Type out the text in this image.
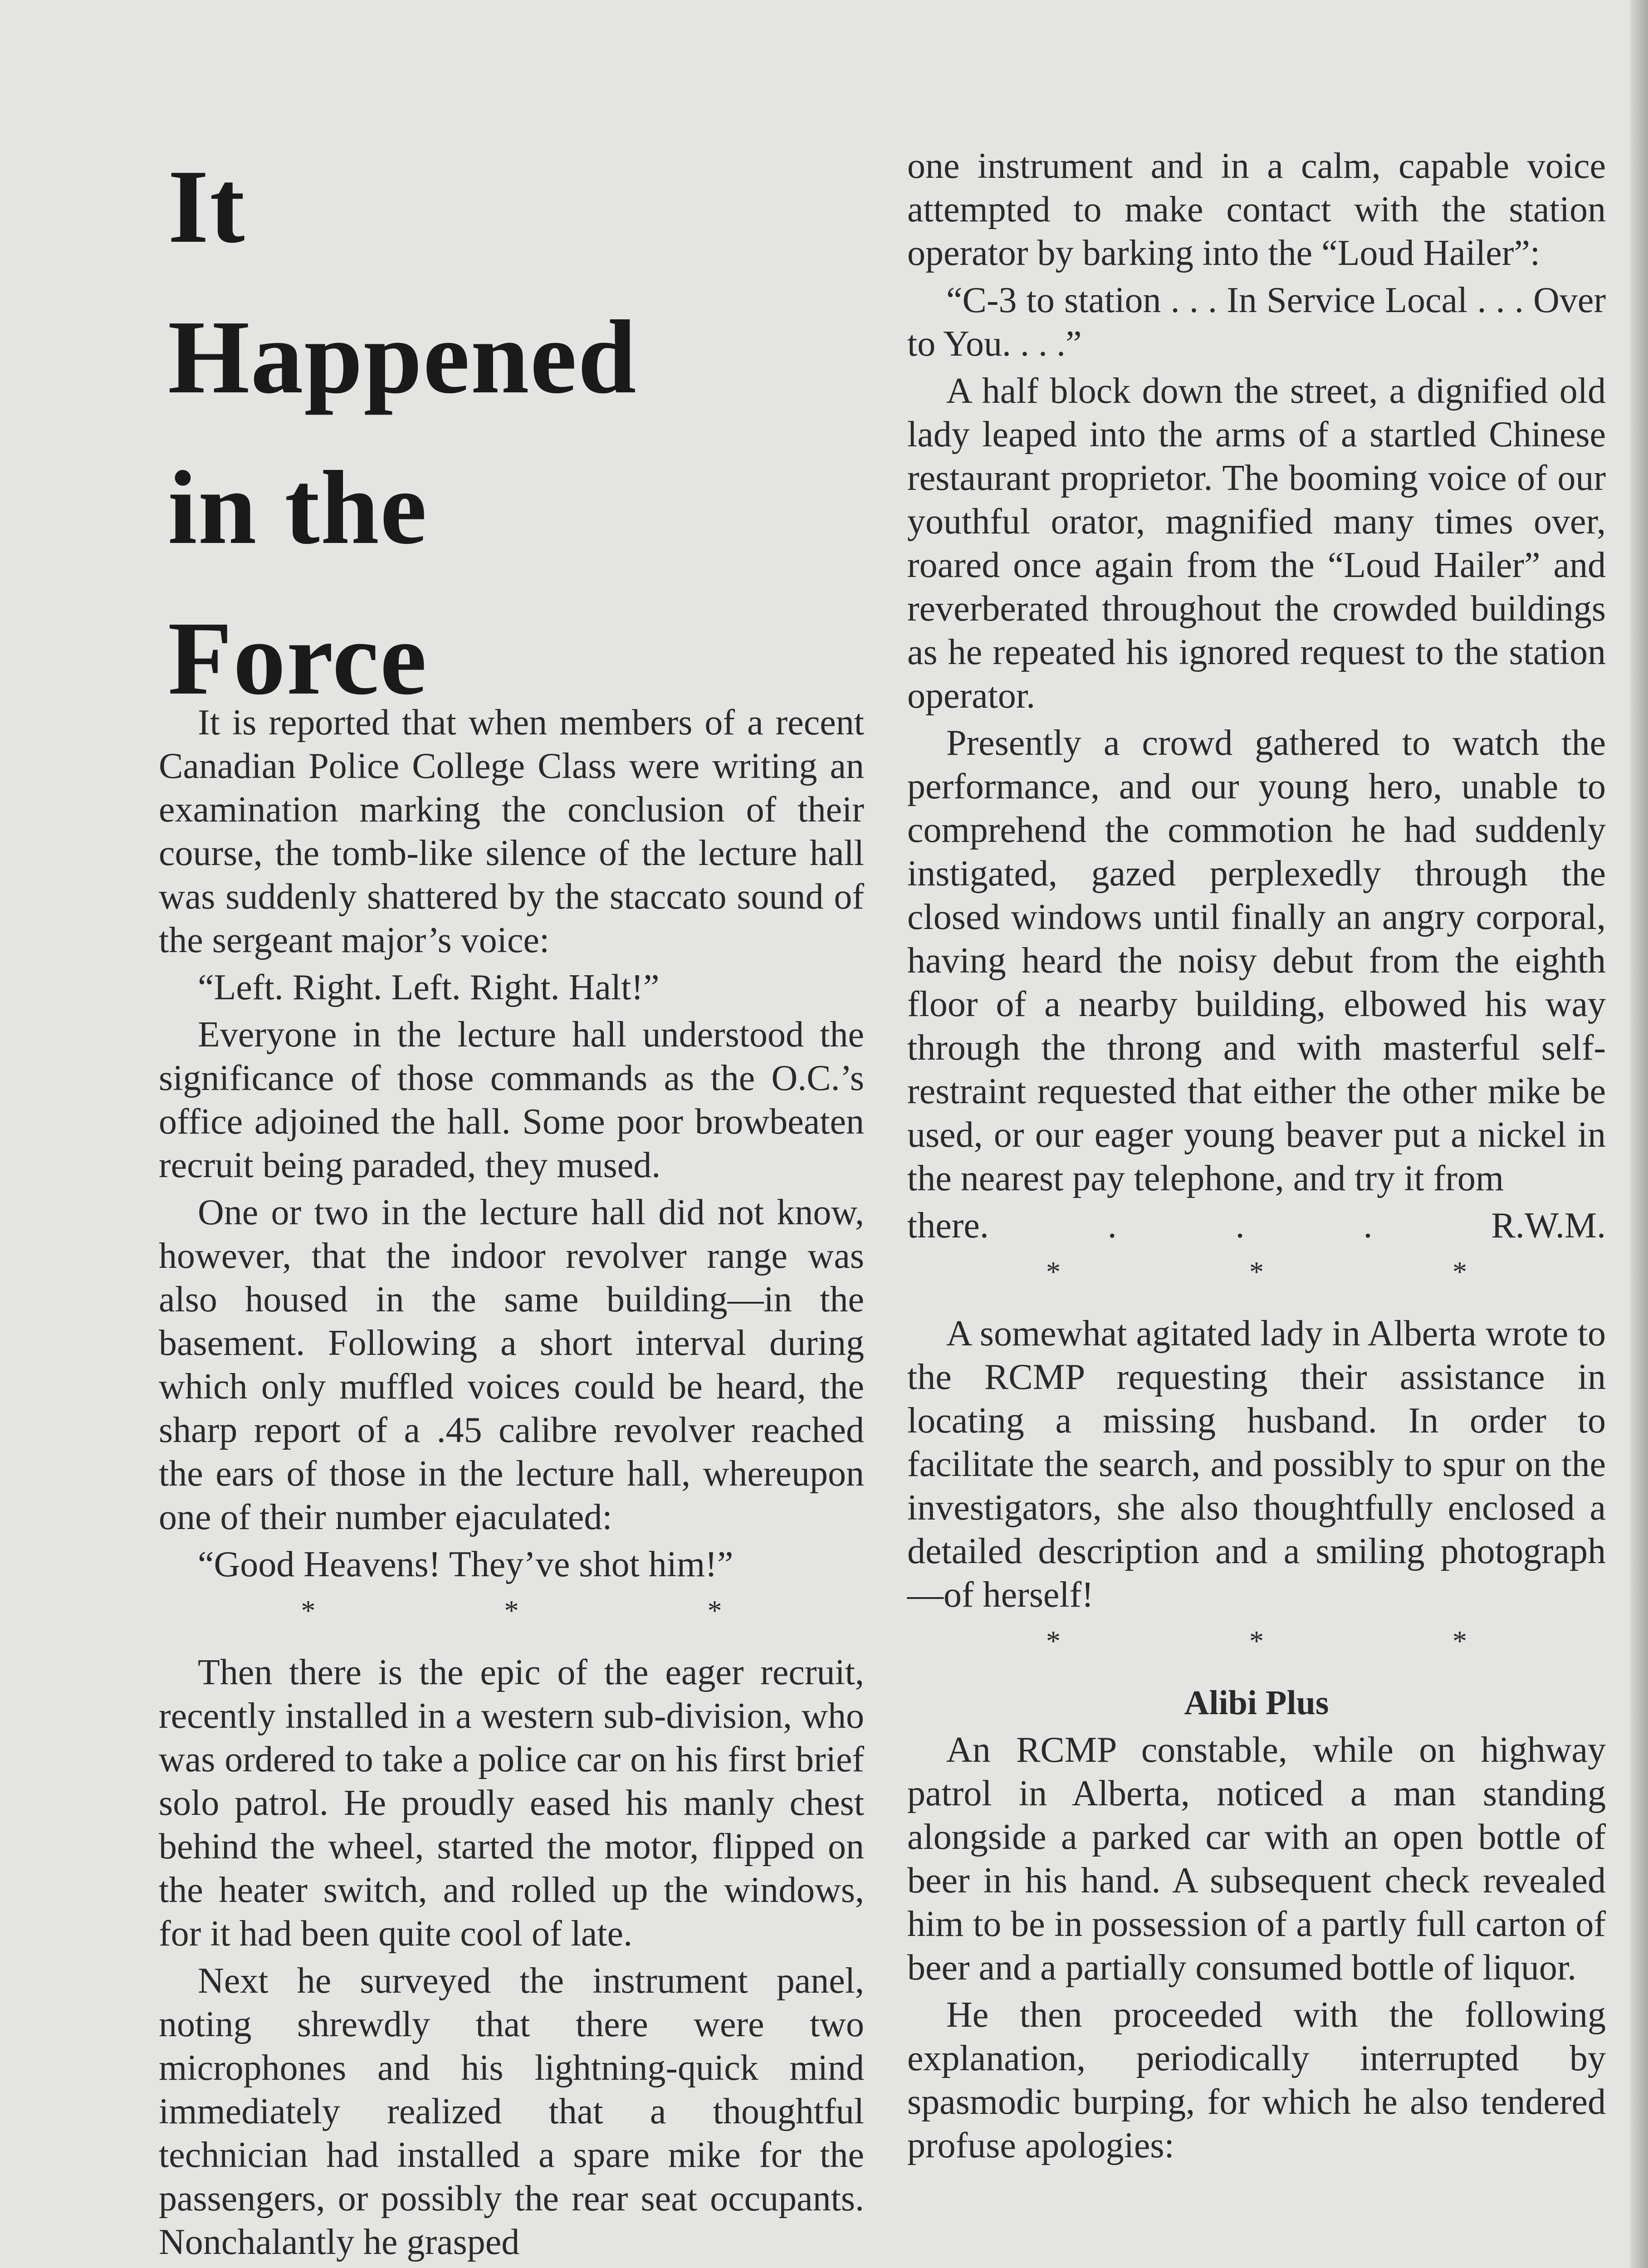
It
Happened
in the
Force

It is reported that when members of a recent Canadian Police College Class were writing an examination marking the conclusion of their course, the tomb-like silence of the lecture hall was suddenly shattered by the staccato sound of the sergeant major’s voice:

“Left. Right. Left. Right. Halt!”

Everyone in the lecture hall understood the significance of those commands as the O.C.’s office adjoined the hall. Some poor browbeaten recruit being paraded, they mused.

One or two in the lecture hall did not know, however, that the indoor revolver range was also housed in the same building—in the basement. Following a short interval during which only muffled voices could be heard, the sharp report of a .45 calibre revolver reached the ears of those in the lecture hall, whereupon one of their number ejaculated:

“Good Heavens! They’ve shot him!”

* * *

Then there is the epic of the eager recruit, recently installed in a western sub-division, who was ordered to take a police car on his first brief solo patrol. He proudly eased his manly chest behind the wheel, started the motor, flipped on the heater switch, and rolled up the windows, for it had been quite cool of late.

Next he surveyed the instrument panel, noting shrewdly that there were two microphones and his lightning-quick mind immediately realized that a thoughtful technician had installed a spare mike for the passengers, or possibly the rear seat occupants. Nonchalantly he grasped

one instrument and in a calm, capable voice attempted to make contact with the station operator by barking into the “Loud Hailer”:

“C-3 to station . . . In Service Local . . . Over to You. . . .”

A half block down the street, a dignified old lady leaped into the arms of a startled Chinese restaurant proprietor. The booming voice of our youthful orator, magnified many times over, roared once again from the “Loud Hailer” and reverberated throughout the crowded buildings as he repeated his ignored request to the station operator.

Presently a crowd gathered to watch the performance, and our young hero, unable to comprehend the commotion he had suddenly instigated, gazed perplexedly through the closed windows until finally an angry corporal, having heard the noisy debut from the eighth floor of a nearby building, elbowed his way through the throng and with masterful self-restraint requested that either the other mike be used, or our eager young beaver put a nickel in the nearest pay telephone, and try it from

there. . . .	R.W.M.
* * *

A somewhat agitated lady in Alberta wrote to the RCMP requesting their assistance in locating a missing husband. In order to facilitate the search, and possibly to spur on the investigators, she also thoughtfully enclosed a detailed description and a smiling photograph—of herself!

* * *
Alibi Plus

An RCMP constable, while on highway patrol in Alberta, noticed a man standing alongside a parked car with an open bottle of beer in his hand. A subsequent check revealed him to be in possession of a partly full carton of beer and a partially consumed bottle of liquor.

He then proceeded with the following explanation, periodically interrupted by spasmodic burping, for which he also tendered profuse apologies:
